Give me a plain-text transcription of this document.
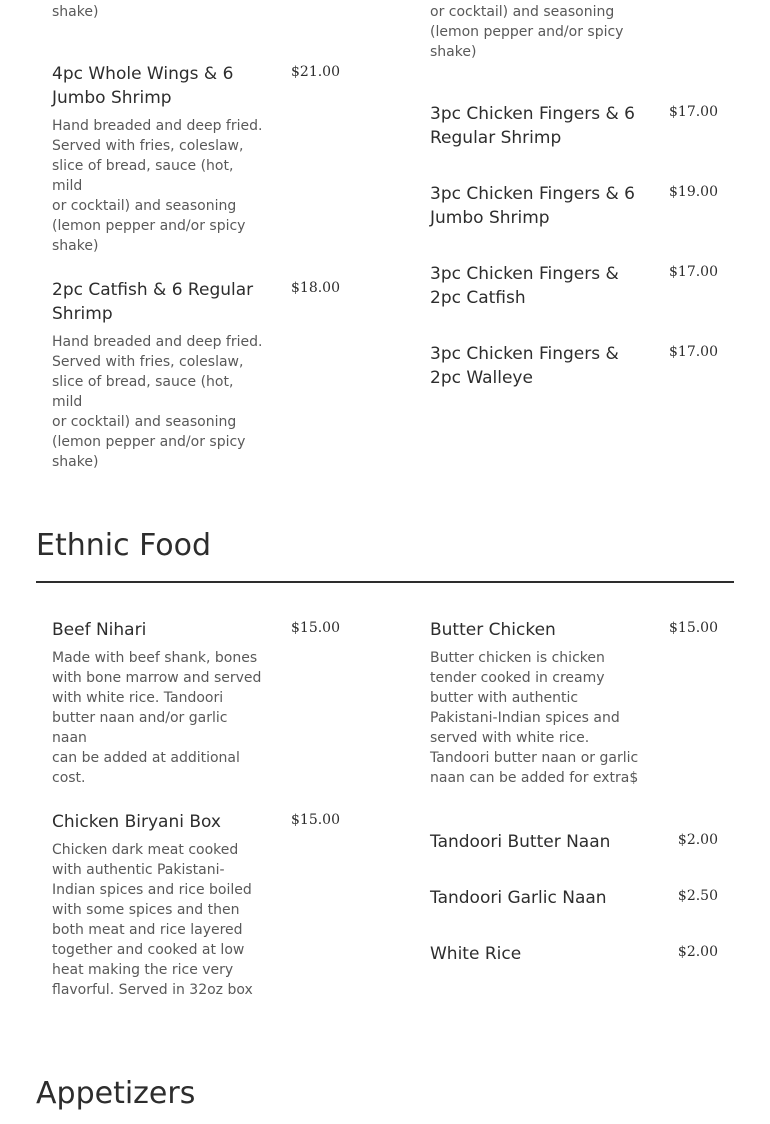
shake)	or cocktail) and seasoning
(lemon pepper and/or spicy
shake)
4pc Whole Wings & 6
Jumbo Shrimp
Hand breaded and deep fried.
Served with fries, coleslaw,
slice of bread, sauce (hot, mild
or cocktail) and seasoning
(lemon pepper and/or spicy
shake)
$21.00
2pc Catfish & 6 Regular
Shrimp
Hand breaded and deep fried.
Served with fries, coleslaw,
slice of bread, sauce (hot, mild
or cocktail) and seasoning
(lemon pepper and/or spicy
shake)
$18.00
3pc Chicken Fingers & 6
Regular Shrimp
$17.00
3pc Chicken Fingers & 6
Jumbo Shrimp
$19.00
3pc Chicken Fingers &
2pc Catfish
$17.00
3pc Chicken Fingers &
2pc Walleye
$17.00
Ethnic Food
Beef Nihari
Made with beef shank, bones
with bone marrow and served
with white rice. Tandoori
butter naan and/or garlic naan
can be added at additional
cost.
$15.00
Chicken Biryani Box
Chicken dark meat cooked
with authentic Pakistani-
Indian spices and rice boiled
with some spices and then
both meat and rice layered
together and cooked at low
heat making the rice very
flavorful. Served in 32oz box
$15.00
Butter Chicken
Butter chicken is chicken
tender cooked in creamy
butter with authentic
Pakistani-Indian spices and
served with white rice.
Tandoori butter naan or garlic
naan can be added for extra$
$15.00
Tandoori Butter Naan	$2.00
Tandoori Garlic Naan	$2.50
White Rice	$2.00
Appetizers
